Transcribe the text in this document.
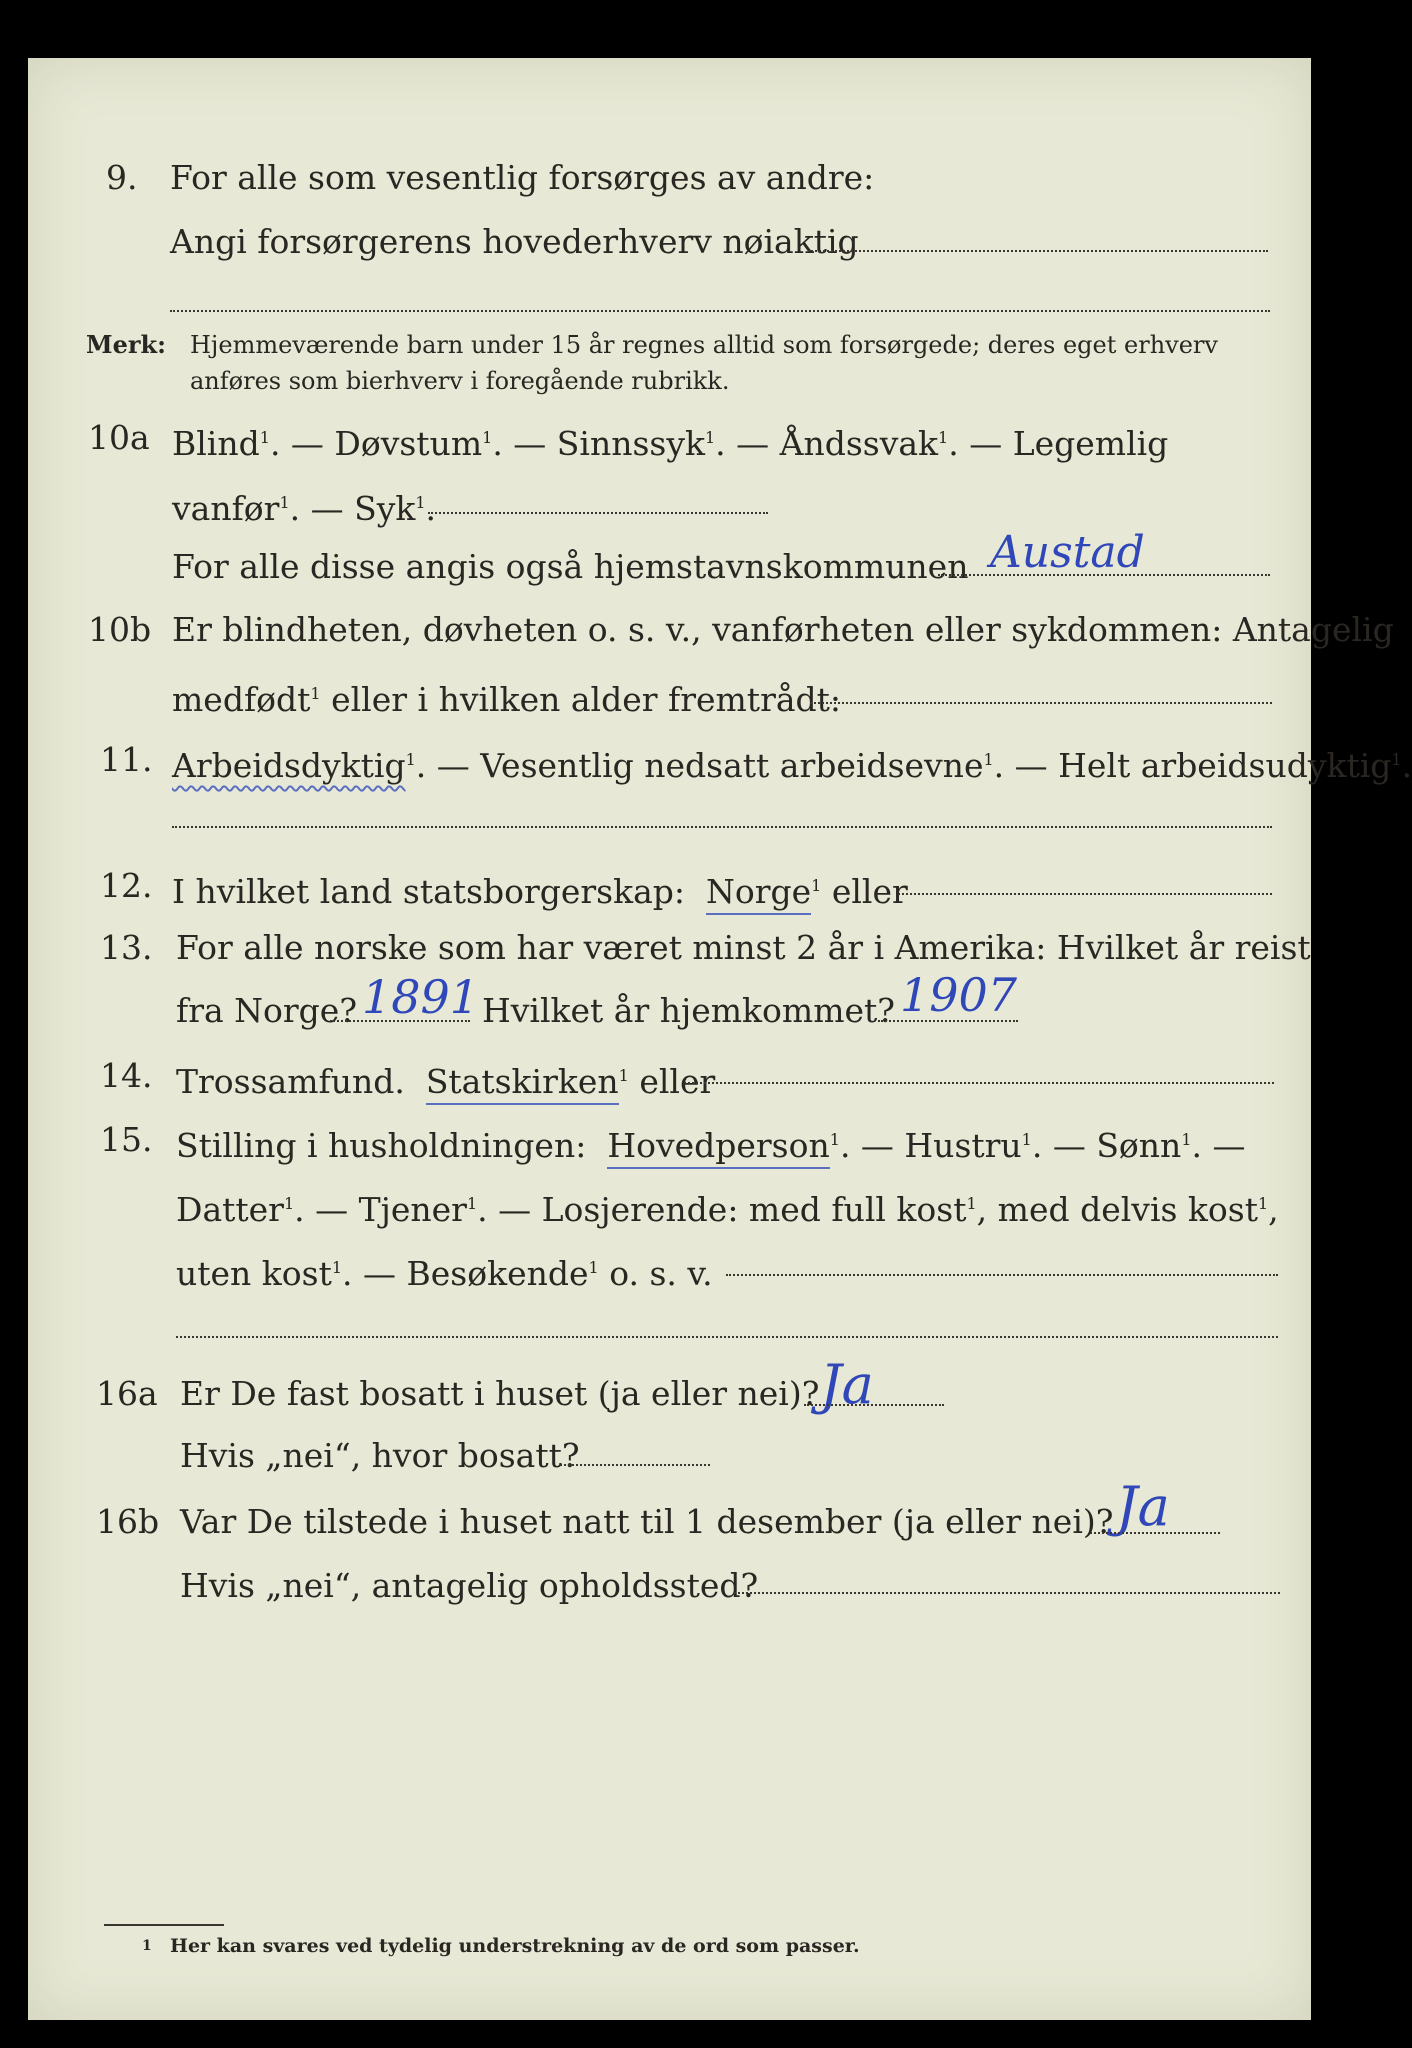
9. For alle som vesentlig forsørges av andre:
Angi forsørgerens hovederhverv nøiaktig
Merk: Hjemmeværende barn under 15 år regnes alltid som forsørgede; deres eget erhverv
anføres som bierhverv i foregående rubrikk.
10a Blind$^1$. — Døvstum$^1$. — Sinnssyk$^1$. — Åndssvak$^1$. — Legemlig
vanfør$^1$. — Syk$^1$.
For alle disse angis også hjemstavnskommunen Austad
10b Er blindheten, døvheten o. s. v., vanførheten eller sykdommen: Antagelig
medfødt$^1$ eller i hvilken alder fremtrådt:
11. Arbeidsdyktig$^1$. — Vesentlig nedsatt arbeidsevne$^1$. — Helt arbeidsudyktig$^1$.
12. I hvilket land statsborgerskap: Norge$^1$ eller
13. For alle norske som har været minst 2 år i Amerika: Hvilket år reist
fra Norge? 1891 Hvilket år hjemkommet? 1907
14. Trossamfund. Statskirken$^1$ eller
15. Stilling i husholdningen: Hovedperson$^1$. — Hustru$^1$. — Sønn$^1$. —
Datter$^1$. — Tjener$^1$. — Losjerende: med full kost$^1$, med delvis kost$^1$,
uten kost$^1$. — Besøkende$^1$ o. s. v.
16a Er De fast bosatt i huset (ja eller nei)? Ja
Hvis „nei“, hvor bosatt?
16b Var De tilstede i huset natt til 1 desember (ja eller nei)? Ja
Hvis „nei“, antagelig opholdssted?
1 Her kan svares ved tydelig understrekning av de ord som passer.
